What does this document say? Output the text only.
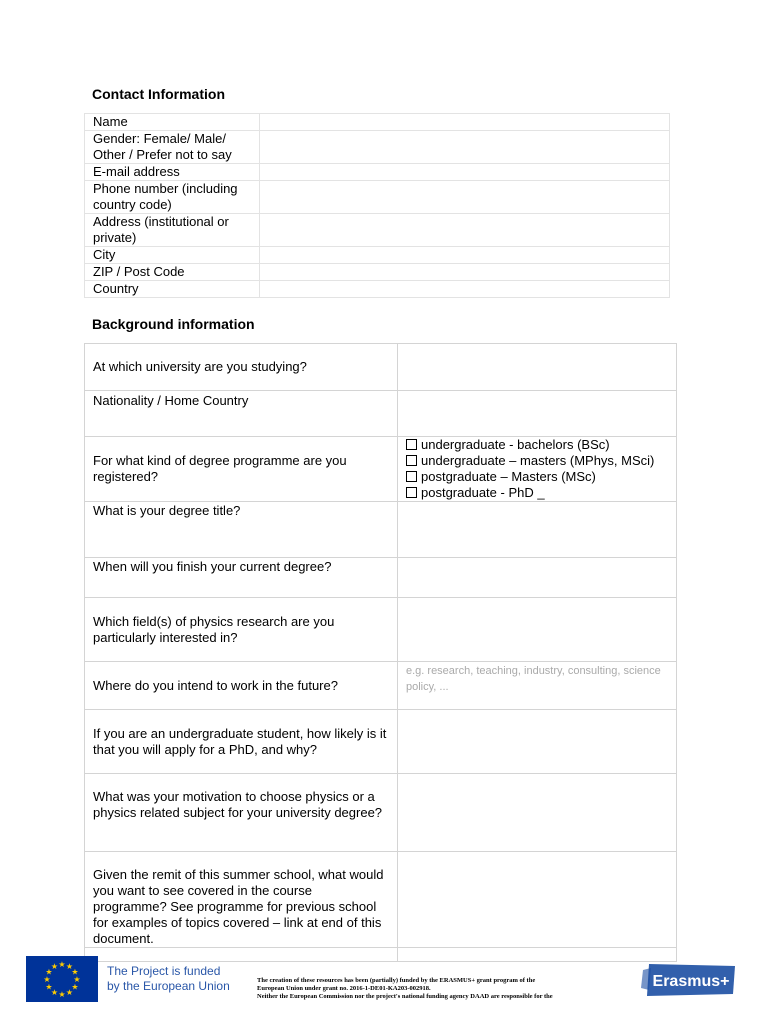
Contact Information
Name	
Gender: Female/ Male/ Other / Prefer not to say	
E-mail address	
Phone number (including country code)	
Address (institutional or private)	
City	
ZIP / Post Code	
Country	
Background information
At which university are you studying?	
Nationality / Home Country	
For what kind of degree programme are you registered?	undergraduate - bachelors (BSc)
undergraduate – masters (MPhys, MSci)
postgraduate – Masters (MSc)
postgraduate - PhD _

What is your degree title?	
When will you finish your current degree?	
Which field(s) of physics research are you particularly interested in?	
Where do you intend to work in the future?	e.g. research, teaching, industry, consulting, science policy, ...
If you are an undergraduate student, how likely is it that you will apply for a PhD, and why?	
What was your motivation to choose physics or a physics related subject for your university degree?	
Given the remit of this summer school, what would you want to see covered in the course programme? See programme for previous school for examples of topics covered – link at end of this document.	

★ ★
★
★
★
★
★
★
★
★
★
★	The Project is funded
by the European Union	The creation of these resources has been (partially) funded by the ERASMUS+ grant program of the
European Union under grant no. 2016-1-DE01-KA203-002918.
Neither the European Commission nor the project's national funding agency DAAD are responsible for the
Erasmus+
